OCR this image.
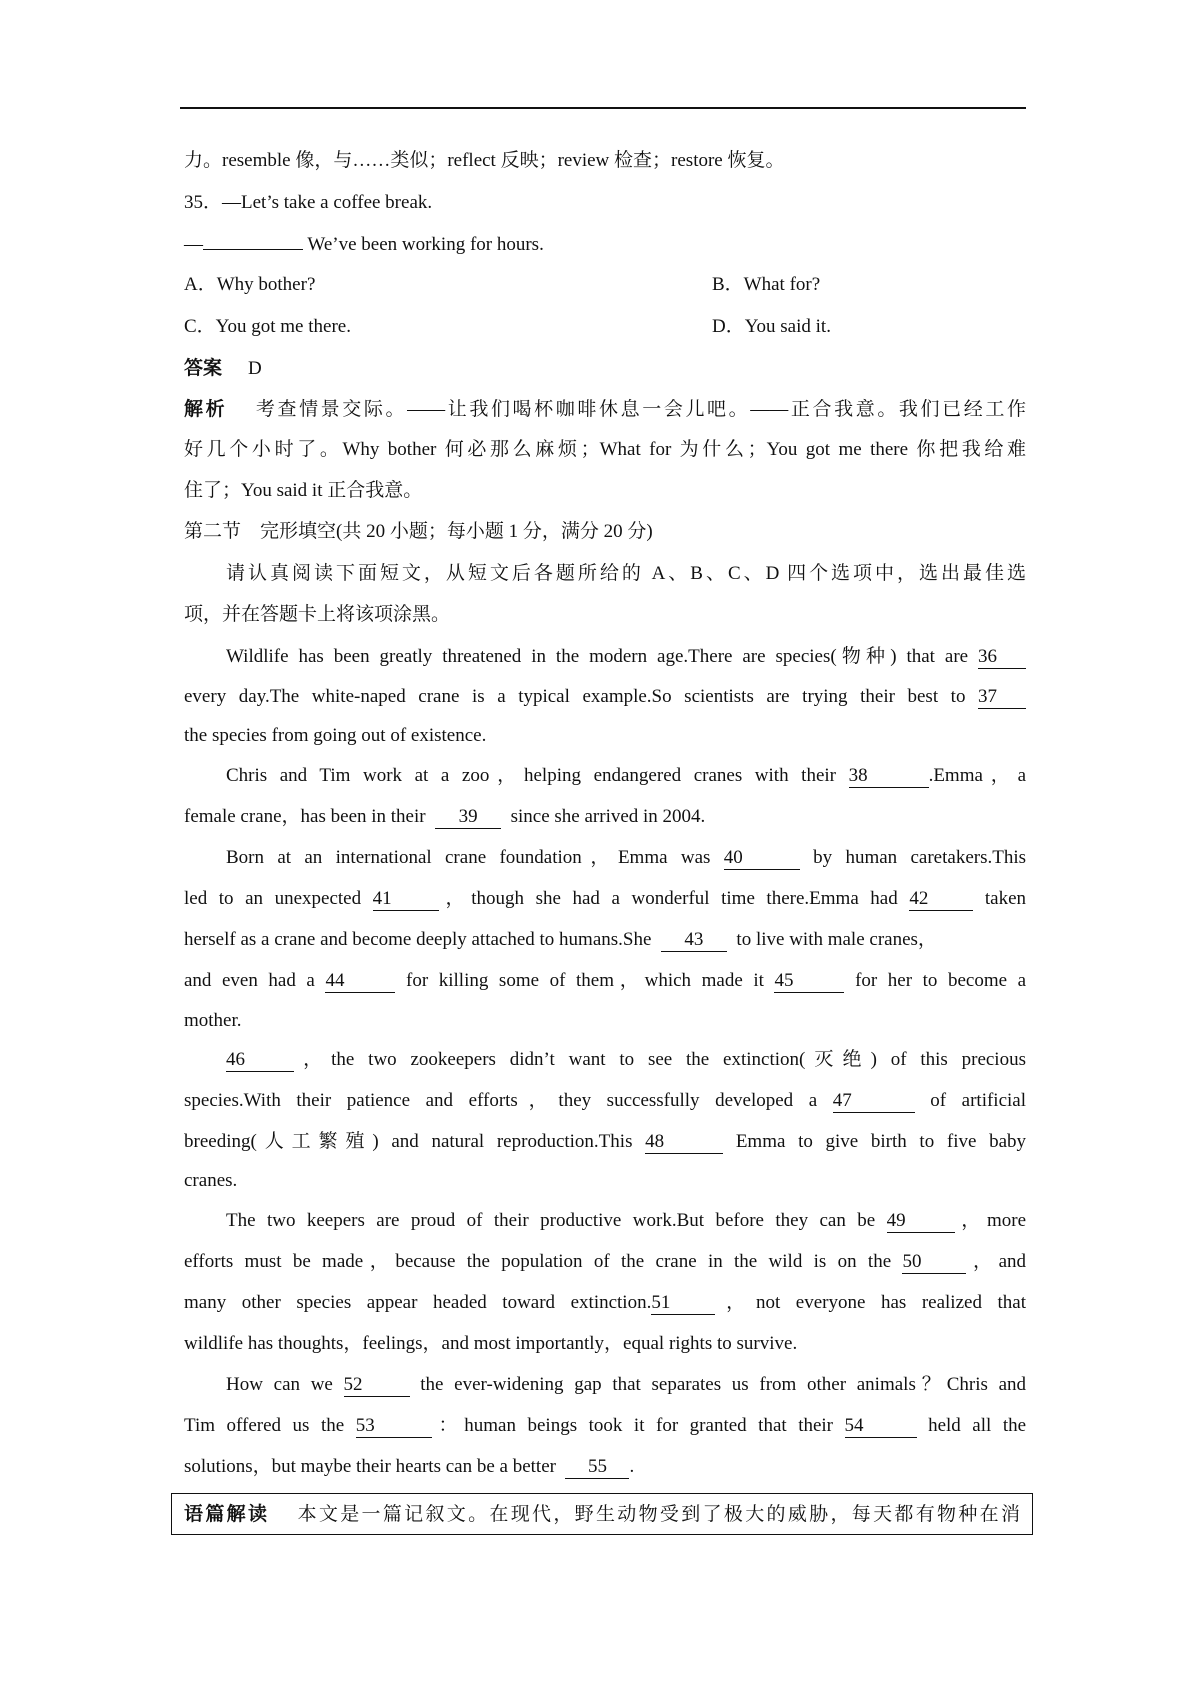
力。resemble 像，与……类似；reflect 反映；review 检查；restore 恢复。
35．—Let’s take a coffee break.
—	We’ve been working for hours.
A．Why bother?	B．What for?
C．You got me there.	D．You said it.
答案 D
解析 考查情景交际。——让我们喝杯咖啡休息一会儿吧。——正合我意。我们已经工作
好几个小时了。Why bother 何必那么麻烦；What for 为什么；You got me there 你把我给难
住了；You said it 正合我意。
第二节　完形填空(共 20 小题；每小题 1 分，满分 20 分)
请认真阅读下面短文，从短文后各题所给的 A、B、C、D 四个选项中，选出最佳选
项，并在答题卡上将该项涂黑。
Wildlife has been greatly threatened in the modern age.There are species(物种) that are 36
every day.The white-naped crane is a typical example.So scientists are trying their best to 37
the species from going out of existence.
Chris and Tim work at a zoo，helping endangered cranes with their 38	.Emma，a
female crane，has been in their 39 since she arrived in 2004.
Born at an international crane foundation，Emma was 40	by human caretakers.This
led to an unexpected 41 ，though she had a wonderful time there.Emma had 42	taken
herself as a crane and become deeply attached to humans.She 43 to live with male cranes，
and even had a 44	for killing some of them，which made it 45	for her to become a
mother.
46	，the two zookeepers didn’t want to see the extinction(灭绝) of this precious
species.With their patience and efforts，they successfully developed a 47	of artificial
breeding(人工繁殖) and natural reproduction.This 48	Emma to give birth to five baby
cranes.
The two keepers are proud of their productive work.But before they can be 49	，more
efforts must be made，because the population of the crane in the wild is on the 50 ，and
many other species appear headed toward extinction.51 ，not everyone has realized that
wildlife has thoughts，feelings，and most importantly，equal rights to survive.
How can we 52	the ever-widening gap that separates us from other animals？Chris and
Tim offered us the 53	：human beings took it for granted that their 54	held all the
solutions，but maybe their hearts can be a better 55 .
语篇解读 本文是一篇记叙文。在现代，野生动物受到了极大的威胁，每天都有物种在消
